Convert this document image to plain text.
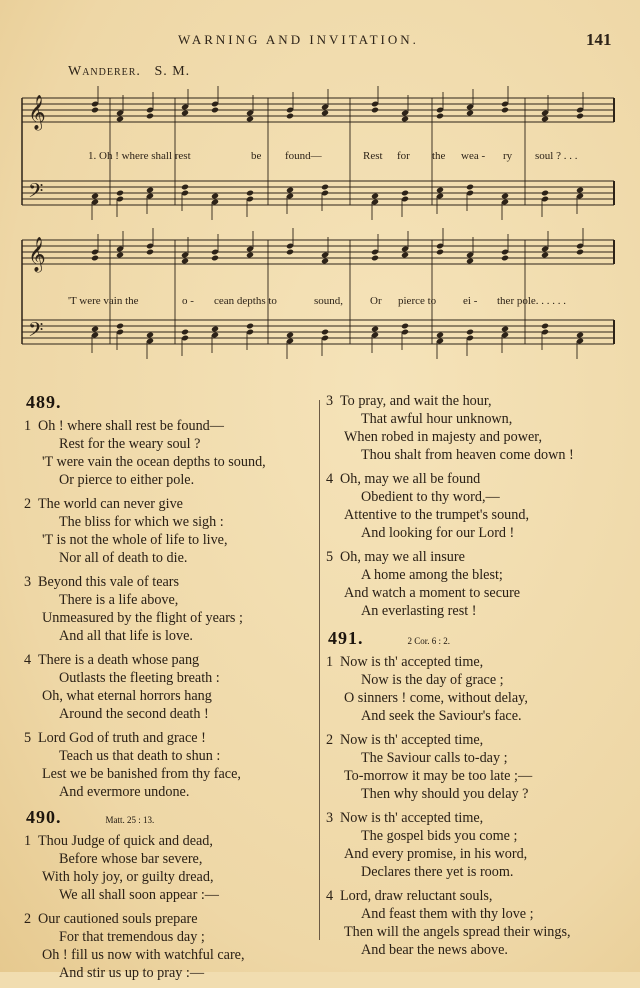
WARNING AND INVITATION.	141
Wanderer. S. M.
𝄞
𝄞
𝄢
𝄢
1. Oh ! where shall rest	be found—	Rest for the wea - ry soul ? . . .
'T were vain the	o - cean depths to	sound, Or pierce to ei - ther pole. . . . . .
489.
1 Oh ! where shall rest be found—
Rest for the weary soul ?
'T were vain the ocean depths to sound,
Or pierce to either pole.
2 The world can never give
The bliss for which we sigh :
'T is not the whole of life to live,
Nor all of death to die.
3 Beyond this vale of tears
There is a life above,
Unmeasured by the flight of years ;
And all that life is love.
4 There is a death whose pang
Outlasts the fleeting breath :
Oh, what eternal horrors hang
Around the second death !
5 Lord God of truth and grace !
Teach us that death to shun :
Lest we be banished from thy face,
And evermore undone.
490.	Matt. 25 : 13.
1 Thou Judge of quick and dead,
Before whose bar severe,
With holy joy, or guilty dread,
We all shall soon appear :—
2 Our cautioned souls prepare
For that tremendous day ;
Oh ! fill us now with watchful care,
And stir us up to pray :—
3 To pray, and wait the hour,
That awful hour unknown,
When robed in majesty and power,
Thou shalt from heaven come down !
4 Oh, may we all be found
Obedient to thy word,—
Attentive to the trumpet's sound,
And looking for our Lord !
5 Oh, may we all insure
A home among the blest;
And watch a moment to secure
An everlasting rest !
491.	2 Cor. 6 : 2.
1 Now is th' accepted time,
Now is the day of grace ;
O sinners ! come, without delay,
And seek the Saviour's face.
2 Now is th' accepted time,
The Saviour calls to-day ;
To-morrow it may be too late ;—
Then why should you delay ?
3 Now is th' accepted time,
The gospel bids you come ;
And every promise, in his word,
Declares there yet is room.
4 Lord, draw reluctant souls,
And feast them with thy love ;
Then will the angels spread their wings,
And bear the news above.
